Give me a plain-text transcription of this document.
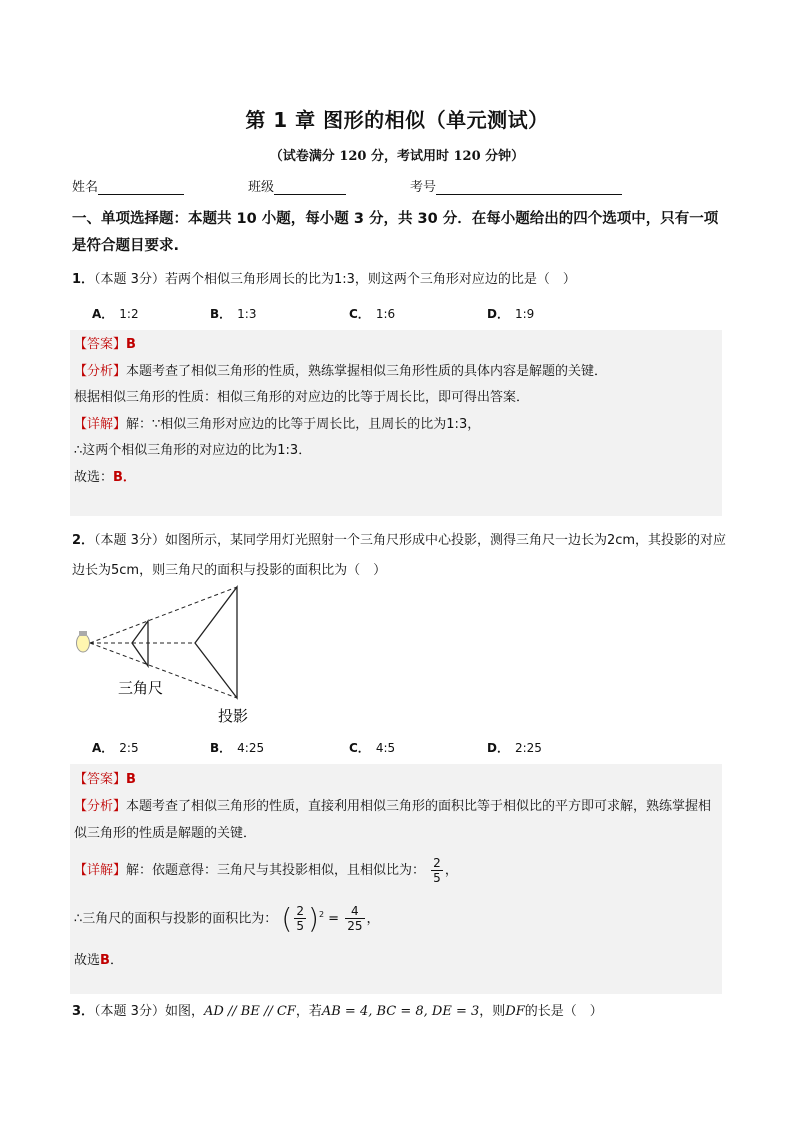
第 1 章 图形的相似（单元测试）
（试卷满分 120 分，考试用时 120 分钟）
姓名	班级	考号
一、单项选择题：本题共 10 小题，每小题 3 分，共 30 分．在每小题给出的四个选项中，只有一项是符合题目要求.
1．（本题 3分）若两个相似三角形周长的比为1:3，则这两个三角形对应边的比是（　）
A． 1:2	B． 1:3	C． 1:6	D． 1:9
【答案】B
【分析】本题考查了相似三角形的性质，熟练掌握相似三角形性质的具体内容是解题的关键．
根据相似三角形的性质：相似三角形的对应边的比等于周长比，即可得出答案．
【详解】解：∵相似三角形对应边的比等于周长比，且周长的比为1:3，
∴这两个相似三角形的对应边的比为1:3．
故选：B．
2．（本题 3分）如图所示，某同学用灯光照射一个三角尺形成中心投影，测得三角尺一边长为2cm，其投影的对应边长为5cm，则三角尺的面积与投影的面积比为（　）
三角尺
投影
A． 2:5	B． 4:25	C． 4:5	D． 2:25
【答案】B
【分析】本题考查了相似三角形的性质，直接利用相似三角形的面积比等于相似比的平方即可求解，熟练掌握相似三角形的性质是解题的关键．
【详解】解：依题意得：三角尺与其投影相似，且相似比为： $\frac{2}{5}$ ，
∴三角尺的面积与投影的面积比为： ( $\frac{2}{5} )^2 = \frac{4}{25}$ ，
故选B．
3．（本题 3分）如图，AD // BE // CF，若AB = 4, BC = 8, DE = 3，则DF的长是（　）
